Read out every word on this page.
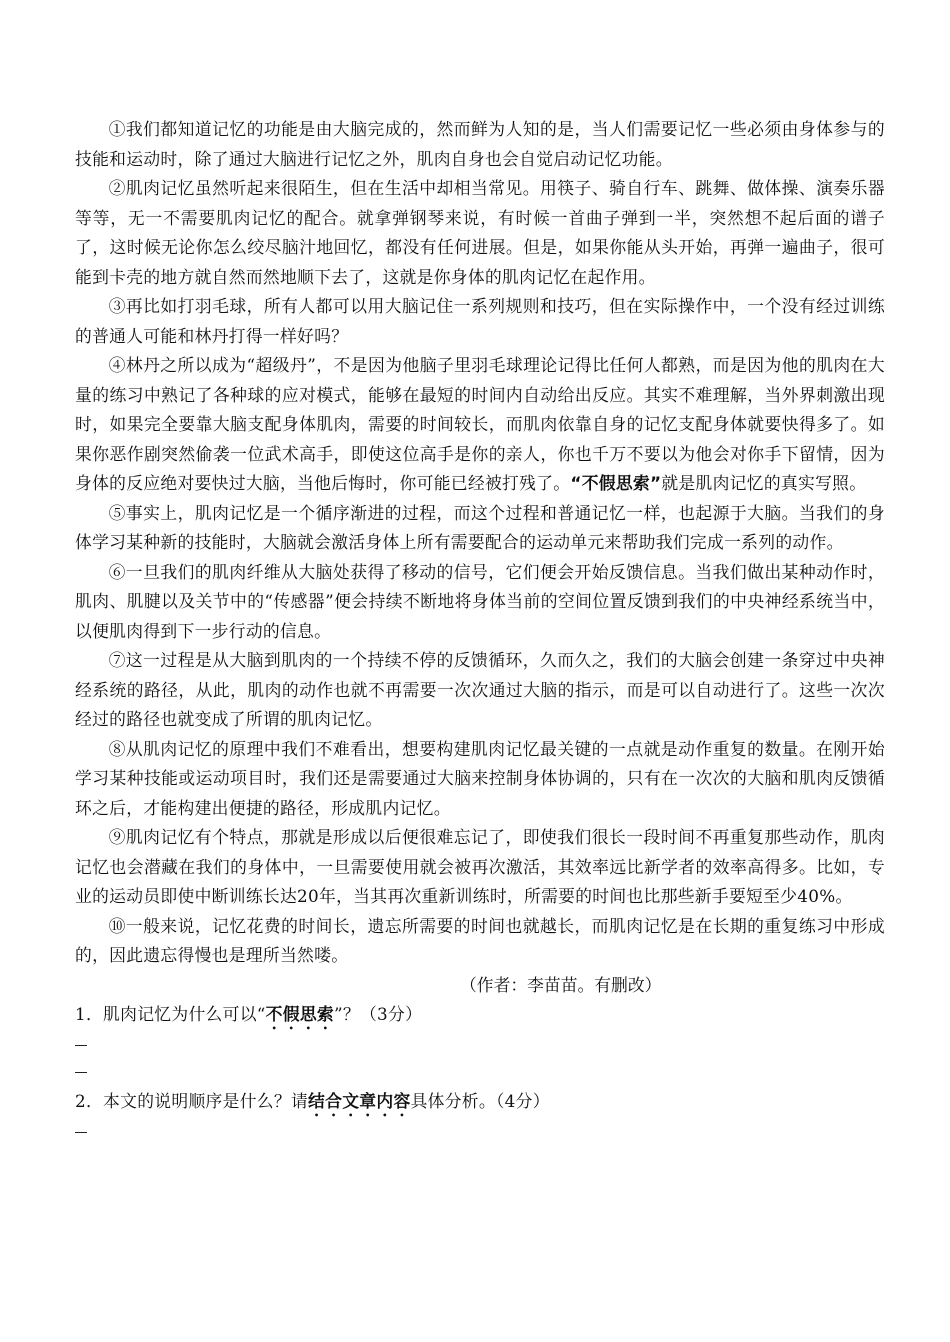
①我们都知道记忆的功能是由大脑完成的，然而鲜为人知的是，当人们需要记忆一些必须由身体参与的技能和运动时，除了通过大脑进行记忆之外，肌肉自身也会自觉启动记忆功能。

②肌肉记忆虽然听起来很陌生，但在生活中却相当常见。用筷子、骑自行车、跳舞、做体操、演奏乐器等等，无一不需要肌肉记忆的配合。就拿弹钢琴来说，有时候一首曲子弹到一半，突然想不起后面的谱子了，这时候无论你怎么绞尽脑汁地回忆，都没有任何进展。但是，如果你能从头开始，再弹一遍曲子，很可能到卡壳的地方就自然而然地顺下去了，这就是你身体的肌肉记忆在起作用。

③再比如打羽毛球，所有人都可以用大脑记住一系列规则和技巧，但在实际操作中，一个没有经过训练的普通人可能和林丹打得一样好吗？

④林丹之所以成为“超级丹”，不是因为他脑子里羽毛球理论记得比任何人都熟，而是因为他的肌肉在大量的练习中熟记了各种球的应对模式，能够在最短的时间内自动给出反应。其实不难理解，当外界刺激出现时，如果完全要靠大脑支配身体肌肉，需要的时间较长，而肌肉依靠自身的记忆支配身体就要快得多了。如果你恶作剧突然偷袭一位武术高手，即使这位高手是你的亲人，你也千万不要以为他会对你手下留情，因为身体的反应绝对要快过大脑，当他后悔时，你可能已经被打残了。“不假思索”就是肌肉记忆的真实写照。

⑤事实上，肌肉记忆是一个循序渐进的过程，而这个过程和普通记忆一样，也起源于大脑。当我们的身体学习某种新的技能时，大脑就会激活身体上所有需要配合的运动单元来帮助我们完成一系列的动作。

⑥一旦我们的肌肉纤维从大脑处获得了移动的信号，它们便会开始反馈信息。当我们做出某种动作时，肌肉、肌腱以及关节中的“传感器”便会持续不断地将身体当前的空间位置反馈到我们的中央神经系统当中，以便肌肉得到下一步行动的信息。

⑦这一过程是从大脑到肌肉的一个持续不停的反馈循环，久而久之，我们的大脑会创建一条穿过中央神经系统的路径，从此，肌肉的动作也就不再需要一次次通过大脑的指示，而是可以自动进行了。这些一次次经过的路径也就变成了所谓的肌肉记忆。

⑧从肌肉记忆的原理中我们不难看出，想要构建肌肉记忆最关键的一点就是动作重复的数量。在刚开始学习某种技能或运动项目时，我们还是需要通过大脑来控制身体协调的，只有在一次次的大脑和肌肉反馈循环之后，才能构建出便捷的路径，形成肌内记忆。

⑨肌肉记忆有个特点，那就是形成以后便很难忘记了，即使我们很长一段时间不再重复那些动作，肌肉记忆也会潜藏在我们的身体中，一旦需要使用就会被再次激活，其效率远比新学者的效率高得多。比如，专业的运动员即使中断训练长达20年，当其再次重新训练时，所需要的时间也比那些新手要短至少40%。

⑩一般来说，记忆花费的时间长，遗忘所需要的时间也就越长，而肌肉记忆是在长期的重复练习中形成的，因此遗忘得慢也是理所当然喽。

（作者：李苗苗。有删改）

1．肌肉记忆为什么可以“不假思索”？（3分）

2．本文的说明顺序是什么？请结合文章内容具体分析。（4分）
